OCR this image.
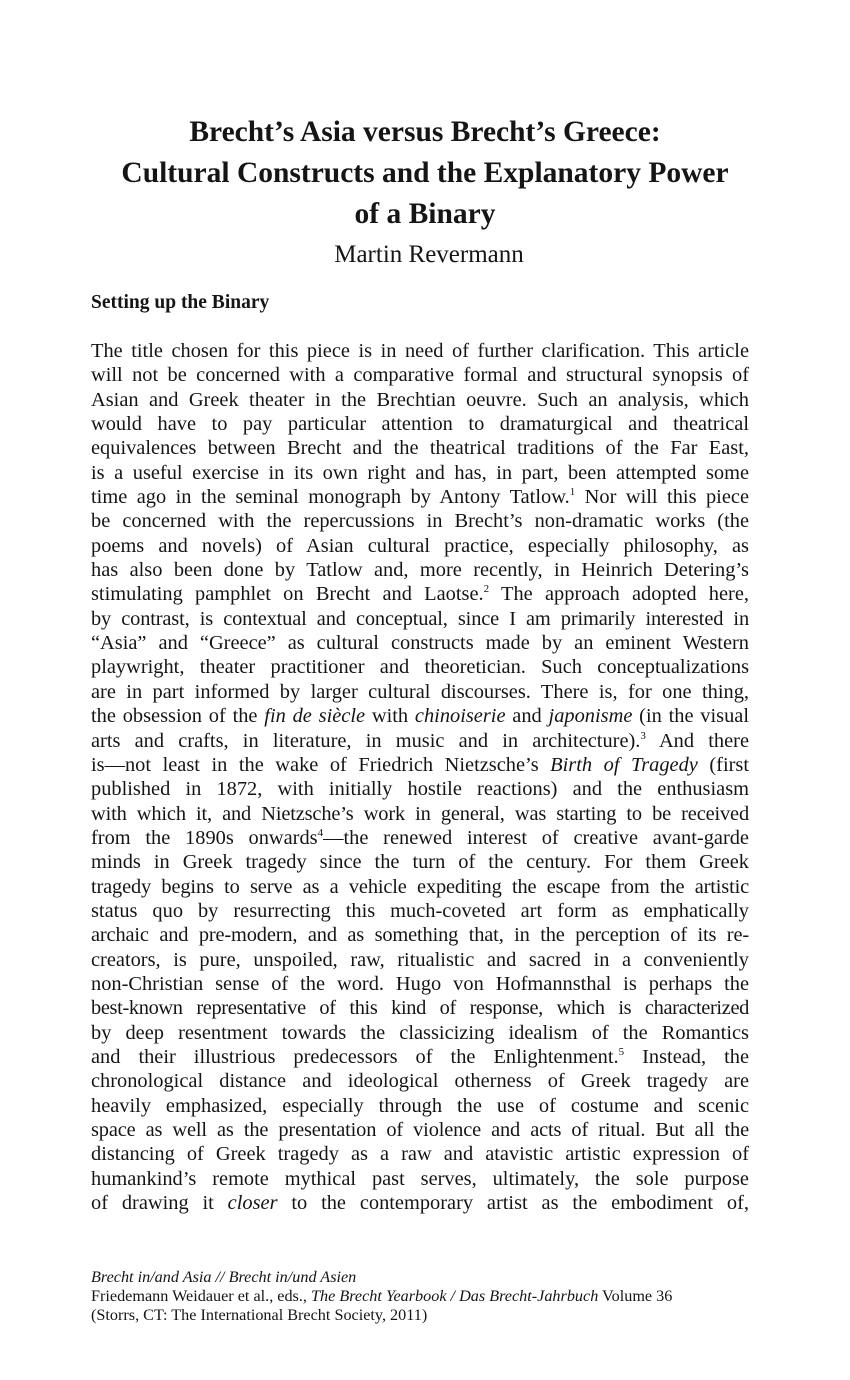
Brecht’s Asia versus Brecht’s Greece:
Cultural Constructs and the Explanatory Power
of a Binary

Martin Revermann

Setting up the Binary
The title chosen for this piece is in need of further clarification. This article
will not be concerned with a comparative formal and structural synopsis of
Asian and Greek theater in the Brechtian oeuvre. Such an analysis, which
would have to pay particular attention to dramaturgical and theatrical
equivalences between Brecht and the theatrical traditions of the Far East,
is a useful exercise in its own right and has, in part, been attempted some
time ago in the seminal monograph by Antony Tatlow.$^1$ Nor will this piece
be concerned with the repercussions in Brecht’s non-dramatic works (the
poems and novels) of Asian cultural practice, especially philosophy, as
has also been done by Tatlow and, more recently, in Heinrich Detering’s
stimulating pamphlet on Brecht and Laotse.$^2$ The approach adopted here,
by contrast, is contextual and conceptual, since I am primarily interested in
“Asia” and “Greece” as cultural constructs made by an eminent Western
playwright, theater practitioner and theoretician. Such conceptualizations
are in part informed by larger cultural discourses. There is, for one thing,
the obsession of the fin de siècle with chinoiserie and japonisme (in the visual
arts and crafts, in literature, in music and in architecture).$^3$ And there
is—not least in the wake of Friedrich Nietzsche’s Birth of Tragedy (first
published in 1872, with initially hostile reactions) and the enthusiasm
with which it, and Nietzsche’s work in general, was starting to be received
from the 1890s onwards$^4$—the renewed interest of creative avant-garde
minds in Greek tragedy since the turn of the century. For them Greek
tragedy begins to serve as a vehicle expediting the escape from the artistic
status quo by resurrecting this much-coveted art form as emphatically
archaic and pre-modern, and as something that, in the perception of its re-
creators, is pure, unspoiled, raw, ritualistic and sacred in a conveniently
non-Christian sense of the word. Hugo von Hofmannsthal is perhaps the
best-known representative of this kind of response, which is characterized
by deep resentment towards the classicizing idealism of the Romantics
and their illustrious predecessors of the Enlightenment.$^5$ Instead, the
chronological distance and ideological otherness of Greek tragedy are
heavily emphasized, especially through the use of costume and scenic
space as well as the presentation of violence and acts of ritual. But all the
distancing of Greek tragedy as a raw and atavistic artistic expression of
humankind’s remote mythical past serves, ultimately, the sole purpose
of drawing it closer to the contemporary artist as the embodiment of,
Brecht in/and Asia // Brecht in/und Asien
Friedemann Weidauer et al., eds., The Brecht Yearbook / Das Brecht-Jahrbuch Volume 36
(Storrs, CT: The International Brecht Society, 2011)
